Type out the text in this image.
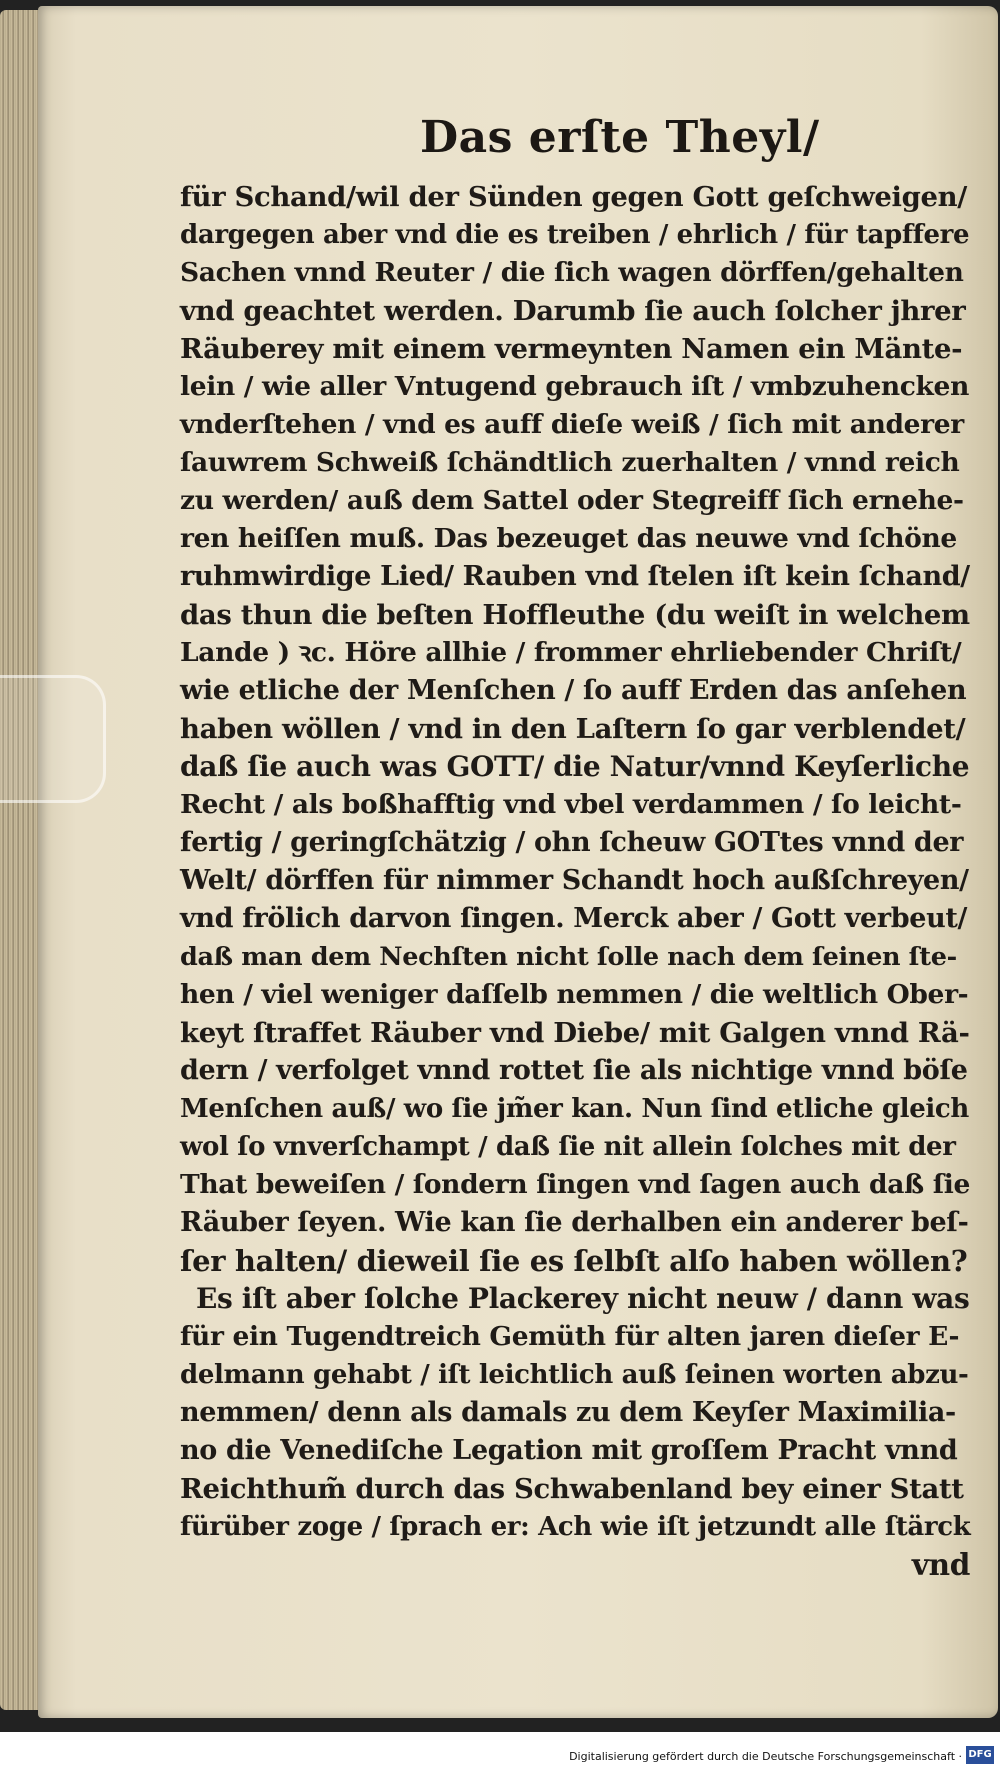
Das erſte Theyl/
für Schand/wil der Sünden gegen Gott geſchweigen/
dargegen aber vnd die es treiben / ehrlich / für tapffere
Sachen vnnd Reuter / die ſich wagen dörffen/gehalten
vnd geachtet werden. Darumb ſie auch ſolcher jhrer
Räuberey mit einem vermeynten Namen ein Mänte-
lein / wie aller Vntugend gebrauch iſt / vmbzuhencken
vnderſtehen / vnd es auff dieſe weiß / ſich mit anderer
ſauwrem Schweiß ſchändtlich zuerhalten / vnnd reich
zu werden/ auß dem Sattel oder Stegreiff ſich ernehe-
ren heiſſen muß. Das bezeuget das neuwe vnd ſchöne
ruhmwirdige Lied/ Rauben vnd ſtelen iſt kein ſchand/
das thun die beſten Hoffleuthe (du weiſt in welchem
Lande ) ꝛc. Höre allhie / frommer ehrliebender Chriſt/
wie etliche der Menſchen / ſo auff Erden das anſehen
haben wöllen / vnd in den Laſtern ſo gar verblendet/
daß ſie auch was GOTT/ die Natur/vnnd Keyſerliche
Recht / als boßhafftig vnd vbel verdammen / ſo leicht-
fertig / geringſchätzig / ohn ſcheuw GOTtes vnnd der
Welt/ dörffen für nimmer Schandt hoch außſchreyen/
vnd frölich darvon ſingen. Merck aber / Gott verbeut/
daß man dem Nechſten nicht ſolle nach dem ſeinen ſte-
hen / viel weniger daſſelb nemmen / die weltlich Ober-
keyt ſtraffet Räuber vnd Diebe/ mit Galgen vnnd Rä-
dern / verfolget vnnd rottet ſie als nichtige vnnd böſe
Menſchen auß/ wo ſie jm̃er kan. Nun ſind etliche gleich
wol ſo vnverſchampt / daß ſie nit allein ſolches mit der
That beweiſen / ſondern ſingen vnd ſagen auch daß ſie
Räuber ſeyen. Wie kan ſie derhalben ein anderer beſ-
ſer halten/ dieweil ſie es ſelbſt alſo haben wöllen?
Es iſt aber ſolche Plackerey nicht neuw / dann was
für ein Tugendtreich Gemüth für alten jaren dieſer E-
delmann gehabt / iſt leichtlich auß ſeinen worten abzu-
nemmen/ denn als damals zu dem Keyſer Maximilia-
no die Venediſche Legation mit groſſem Pracht vnnd
Reichthum̃ durch das Schwabenland bey einer Statt
fürüber zoge / ſprach er: Ach wie iſt jetzundt alle ſtärck
vnd
Digitalisierung gefördert durch die Deutsche Forschungsgemeinschaft · DFG
